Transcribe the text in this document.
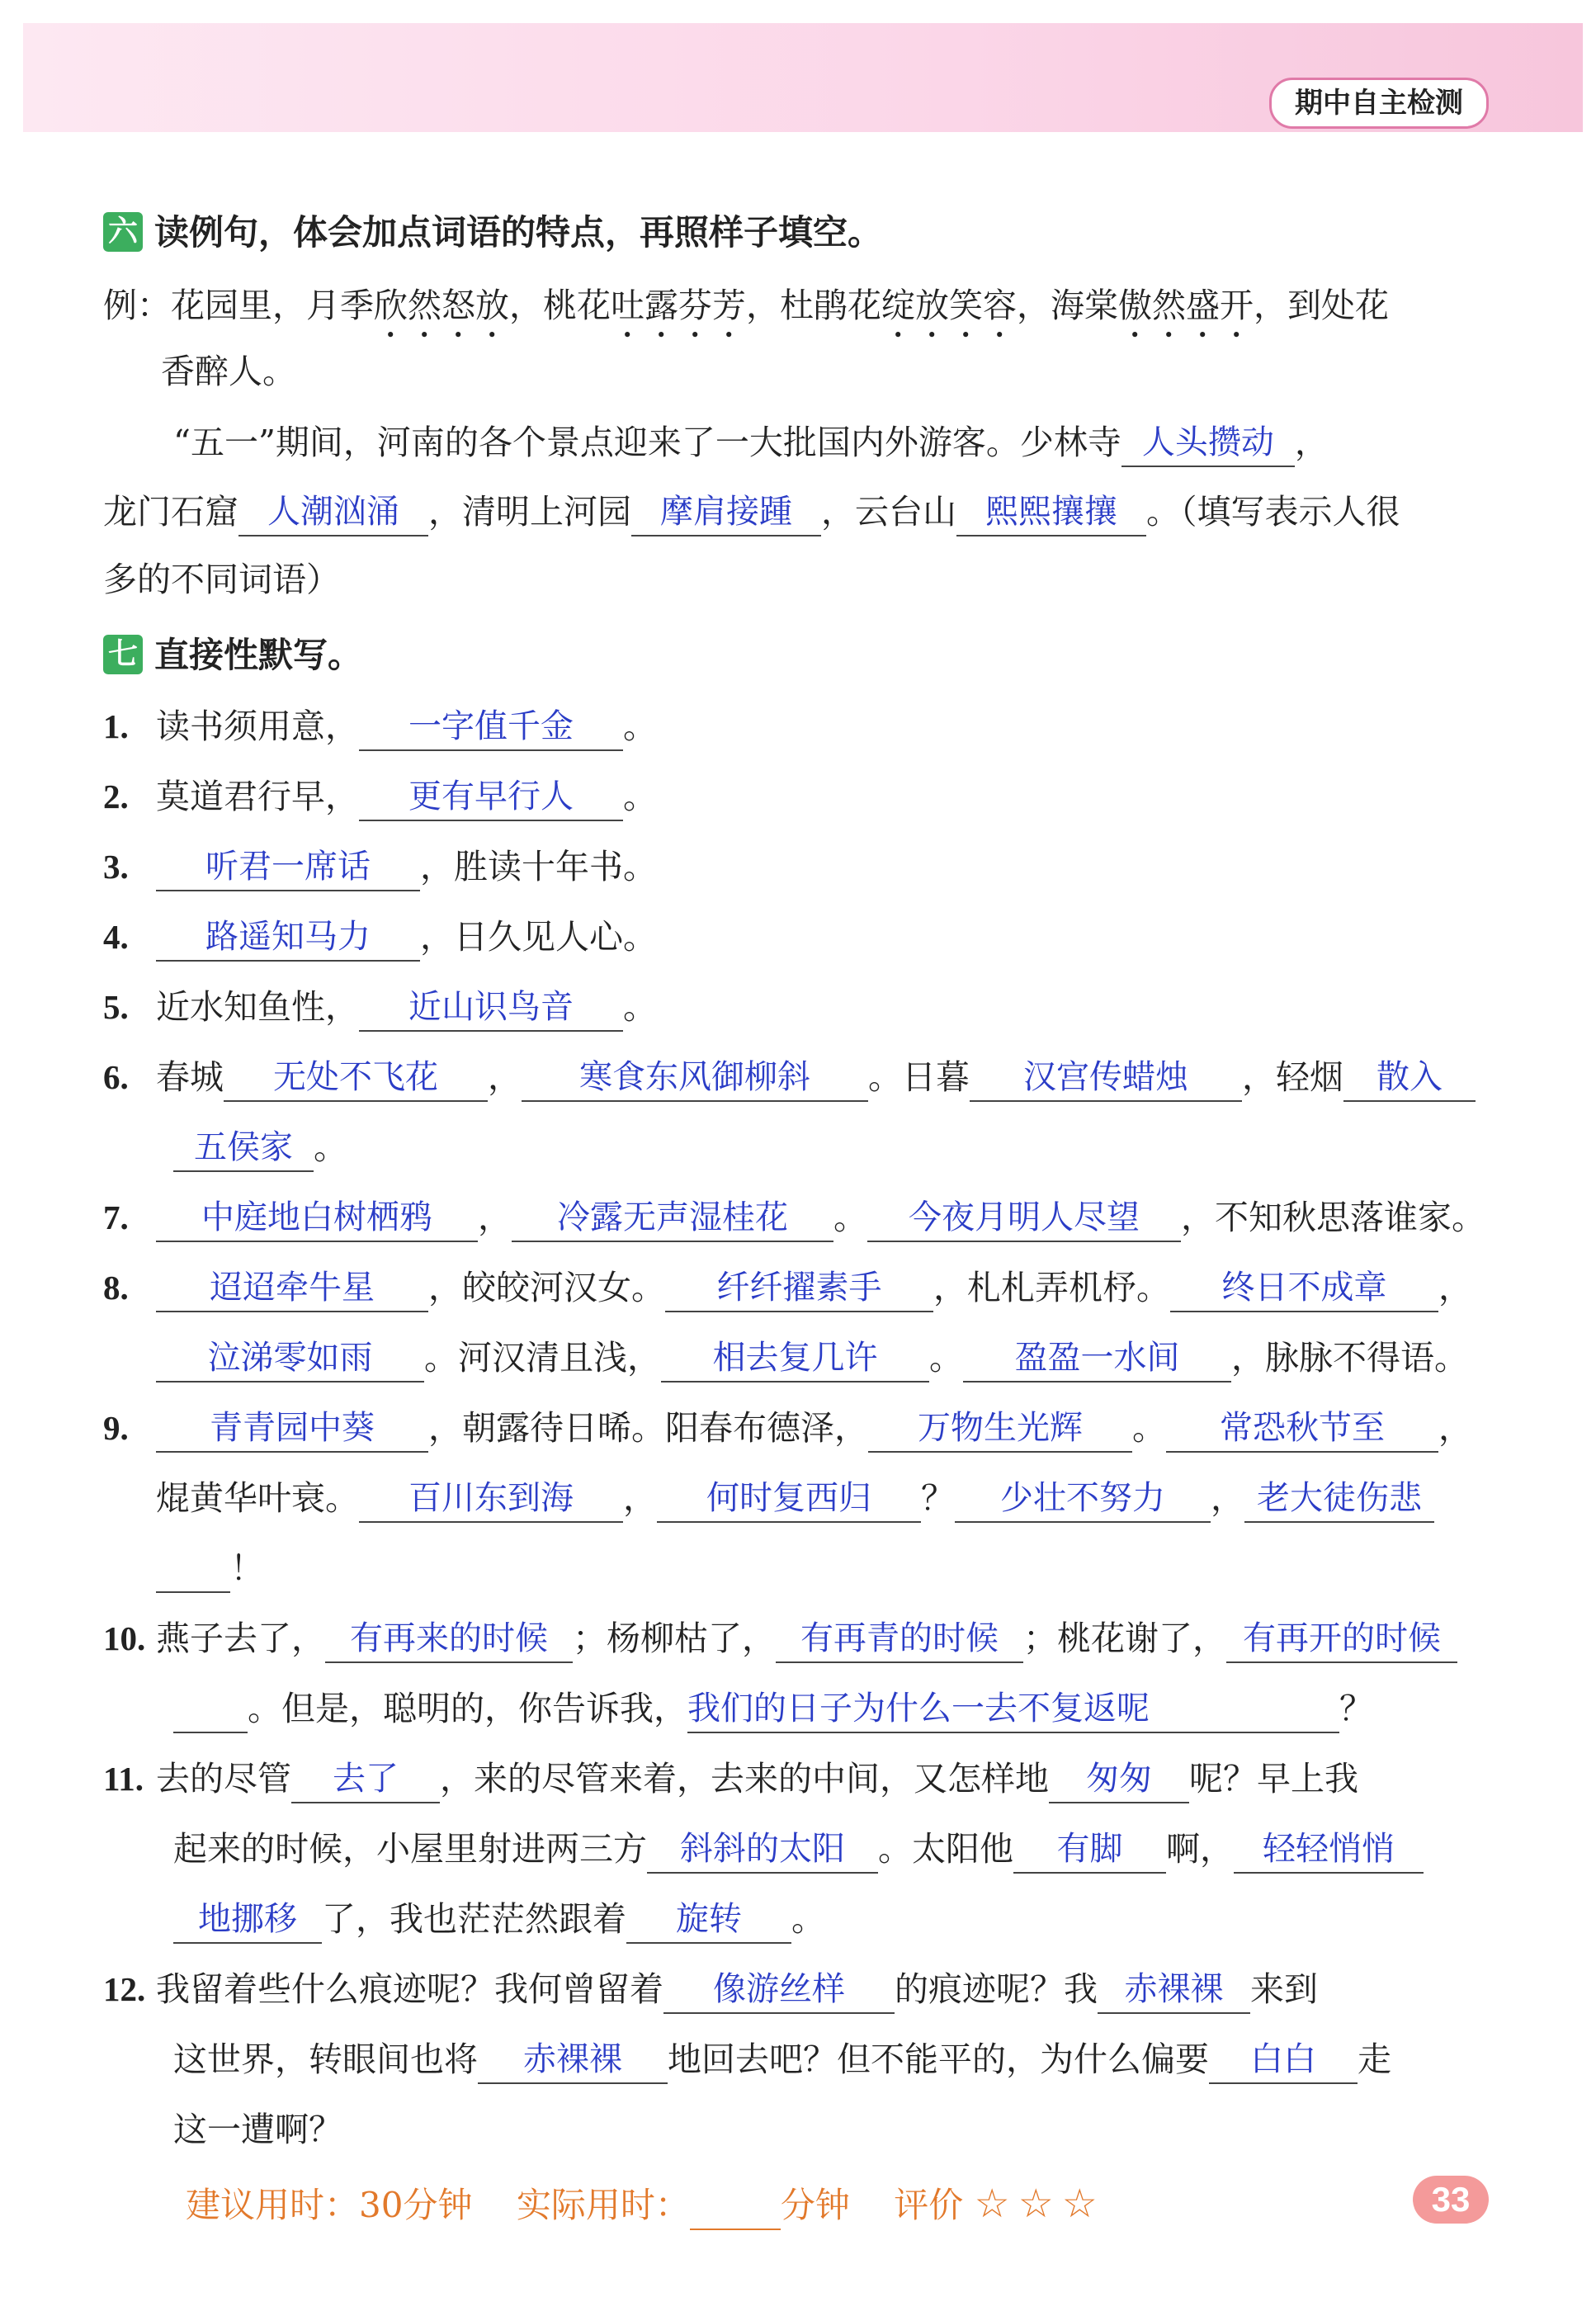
期中自主检测
六 读例句，体会加点词语的特点，再照样子填空。
例：花园里，月季欣然怒放，桃花吐露芬芳，杜鹃花绽放笑容，海棠傲然盛开，到处花
香醉人。
“五一”期间，河南的各个景点迎来了一大批国内外游客。少林寺 人头攒动 ，
龙门石窟 人潮汹涌 ，清明上河园 摩肩接踵 ，云台山 熙熙攘攘 。（填写表示人很
多的不同词语）
七 直接性默写。
1. 读书须用意， 一字值千金 。
2. 莫道君行早， 更有早行人 。
3. 听君一席话 ，胜读十年书。
4. 路遥知马力 ，日久见人心。
5. 近水知鱼性， 近山识鸟音 。
6. 春城 无处不飞花 ， 寒食东风御柳斜 。日暮 汉宫传蜡烛 ，轻烟 散入
五侯家 。
7. 中庭地白树栖鸦 ， 冷露无声湿桂花 。 今夜月明人尽望 ，不知秋思落谁家。
8. 迢迢牵牛星 ，皎皎河汉女。 纤纤擢素手 ，札札弄机杼。 终日不成章 ，
泣涕零如雨 。河汉清且浅， 相去复几许 。 盈盈一水间 ，脉脉不得语。
9. 青青园中葵 ，朝露待日晞。阳春布德泽， 万物生光辉 。 常恐秋节至 ，
焜黄华叶衰。 百川东到海 ， 何时复西归 ？ 少壮不努力 ， 老大徒伤悲
！
10. 燕子去了， 有再来的时候 ；杨柳枯了， 有再青的时候 ；桃花谢了， 有再开的时候
。但是，聪明的，你告诉我，我们的日子为什么一去不复返呢	？
11. 去的尽管 去了 ，来的尽管来着，去来的中间，又怎样地 匆匆 呢？早上我
起来的时候，小屋里射进两三方 斜斜的太阳 。太阳他 有脚 啊， 轻轻悄悄
地挪移 了，我也茫茫然跟着 旋转 。
12. 我留着些什么痕迹呢？我何曾留着 像游丝样 的痕迹呢？我 赤裸裸 来到
这世界，转眼间也将 赤裸裸 地回去吧？但不能平的，为什么偏要 白白 走
这一遭啊？
建议用时：30分钟 实际用时：	分钟 评价 ☆☆☆	33
